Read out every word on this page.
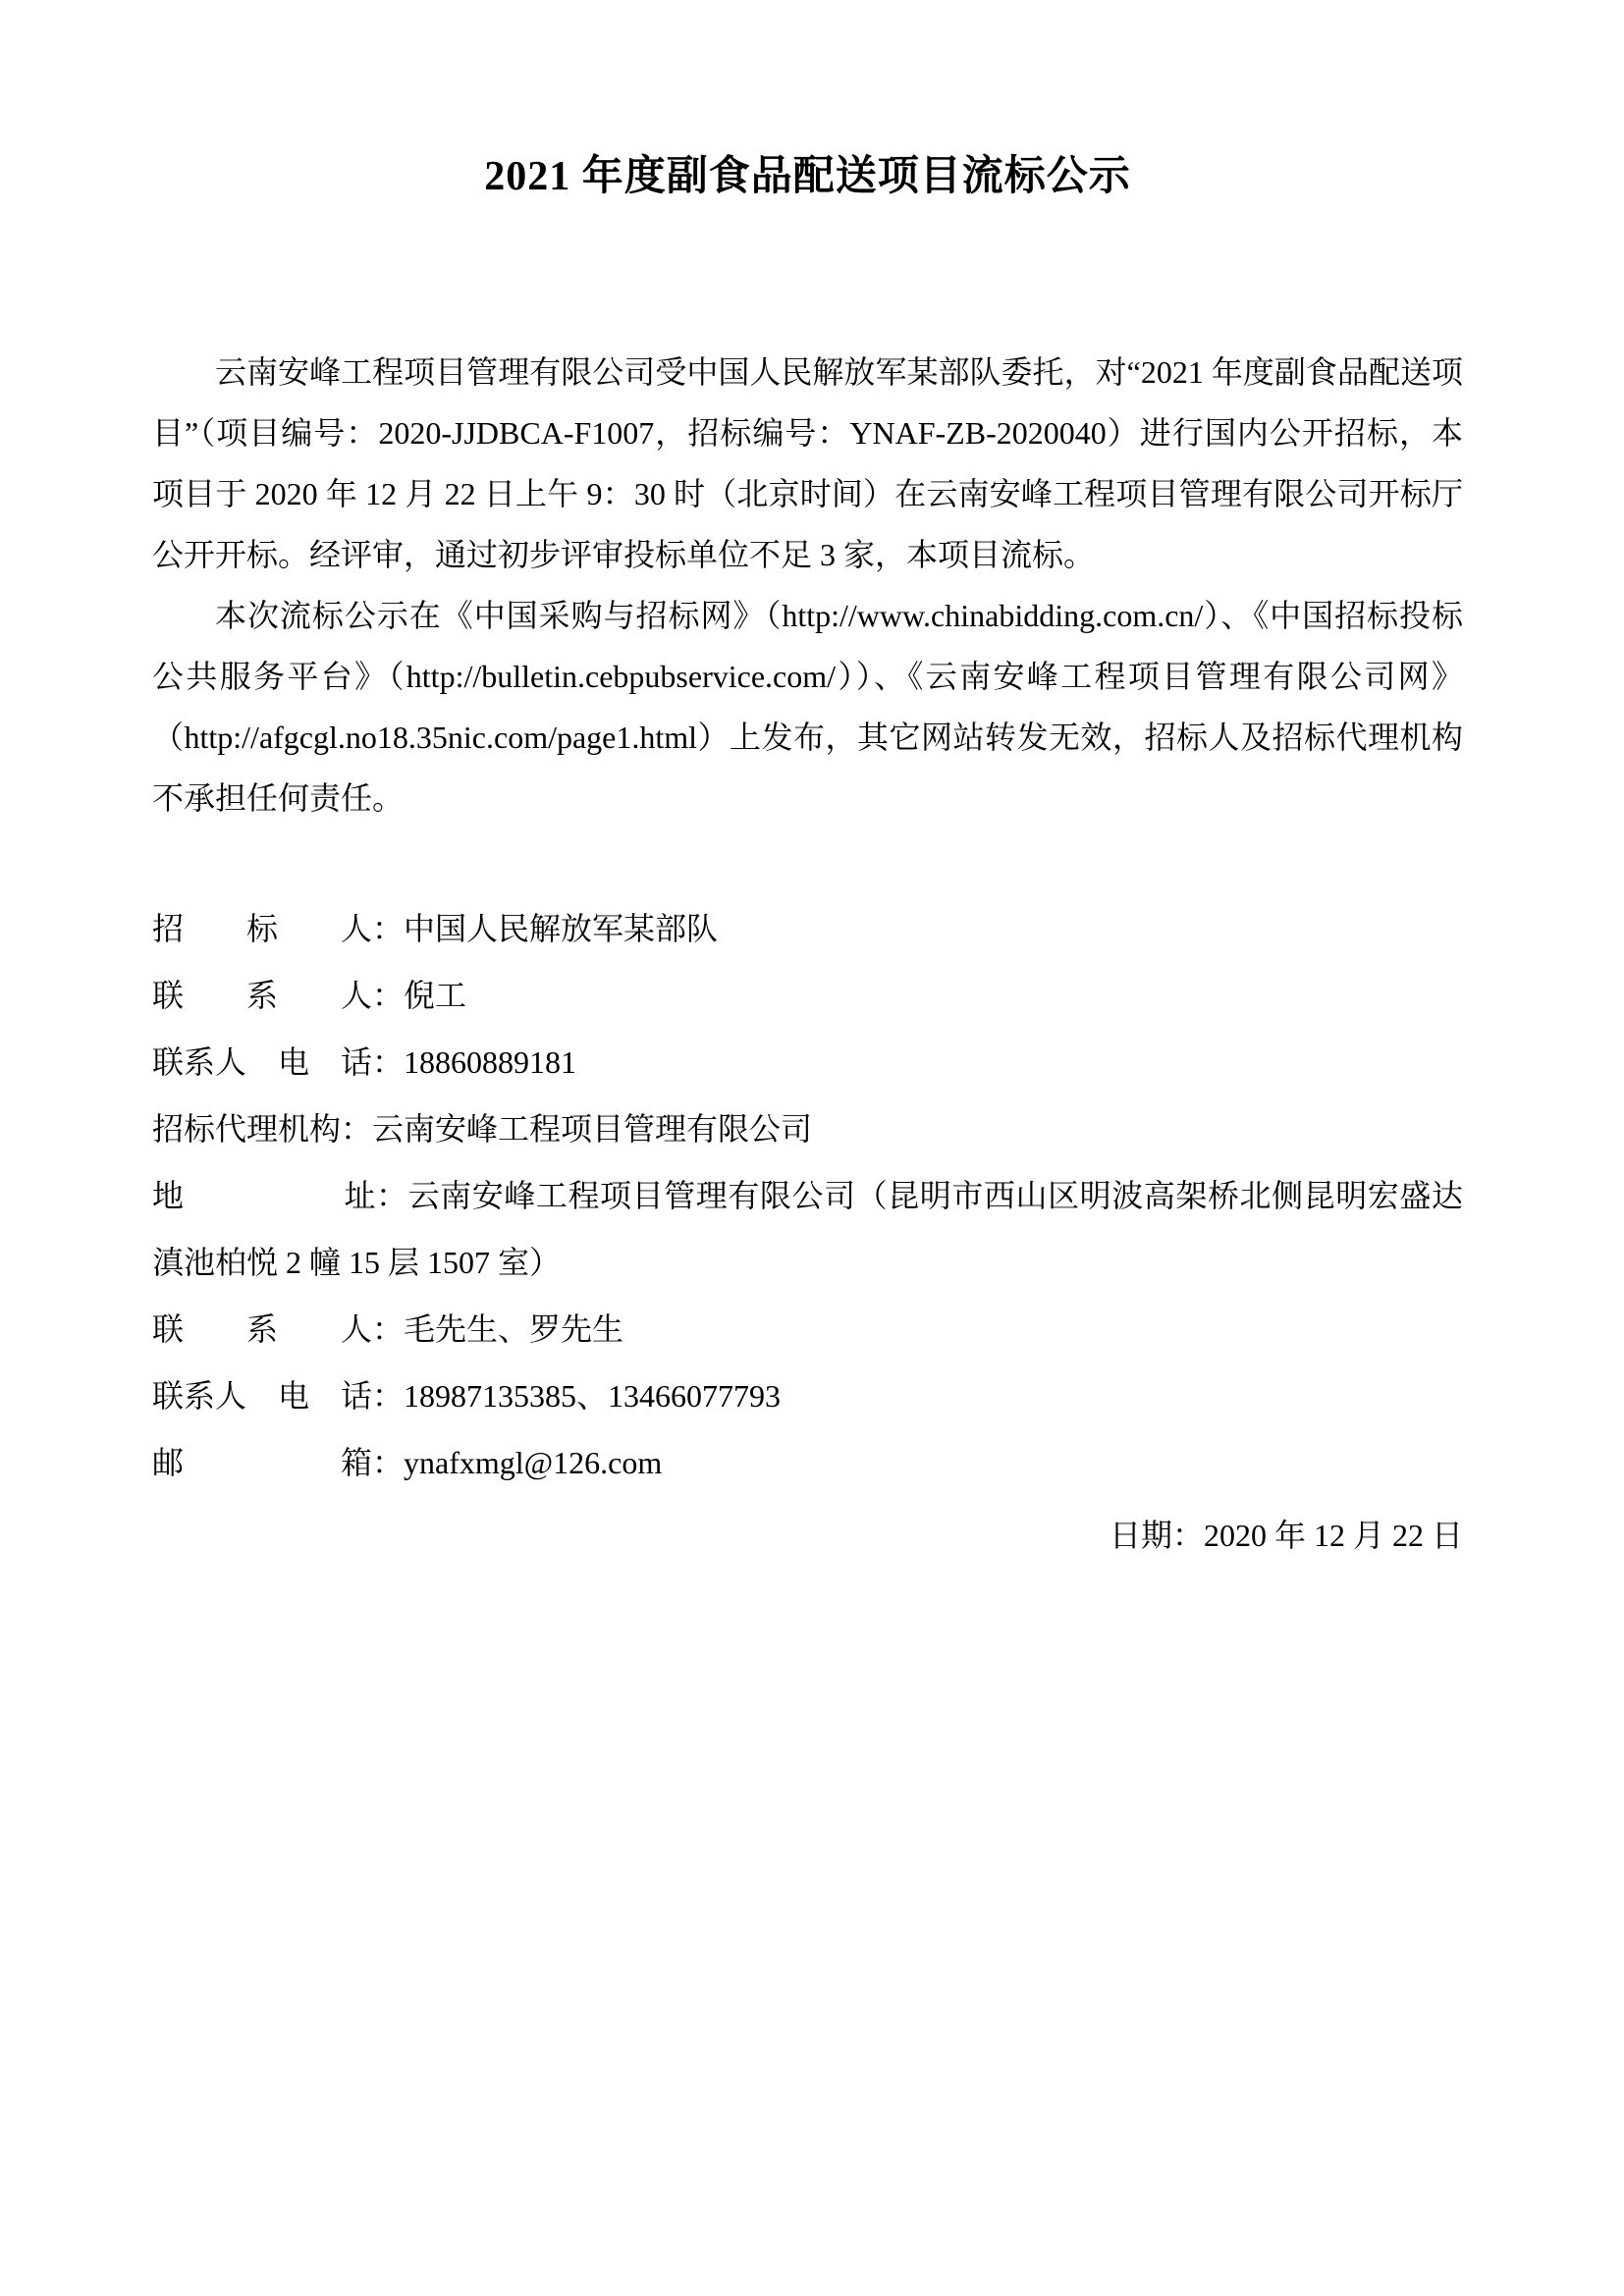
2021 年度副食品配送项目流标公示

云南安峰工程项目管理有限公司受中国人民解放军某部队委托，对“2021 年度副食品配送项目”（项目编号：2020-JJDBCA-F1007，招标编号：YNAF-ZB-2020040）进行国内公开招标，本项目于 2020 年 12 月 22 日上午 9：30 时（北京时间）在云南安峰工程项目管理有限公司开标厅公开开标。经评审，通过初步评审投标单位不足 3 家，本项目流标。

本次流标公示在《中国采购与招标网》（http://www.chinabidding.com.cn/）、《中国招标投标公共服务平台》（http://bulletin.cebpubservice.com/））、《云南安峰工程项目管理有限公司网》（http://afgcgl.no18.35nic.com/page1.html）上发布，其它网站转发无效，招标人及招标代理机构不承担任何责任。

招　　标　　人：中国人民解放军某部队

联　　系　　人：倪工

联系人　电　话：18860889181

招标代理机构：云南安峰工程项目管理有限公司

地　　　　　址：云南安峰工程项目管理有限公司（昆明市西山区明波高架桥北侧昆明宏盛达滇池柏悦 2 幢 15 层 1507 室）

联　　系　　人：毛先生、罗先生

联系人　电　话：18987135385、13466077793

邮　　　　　箱：ynafxmgl@126.com

日期：2020 年 12 月 22 日
